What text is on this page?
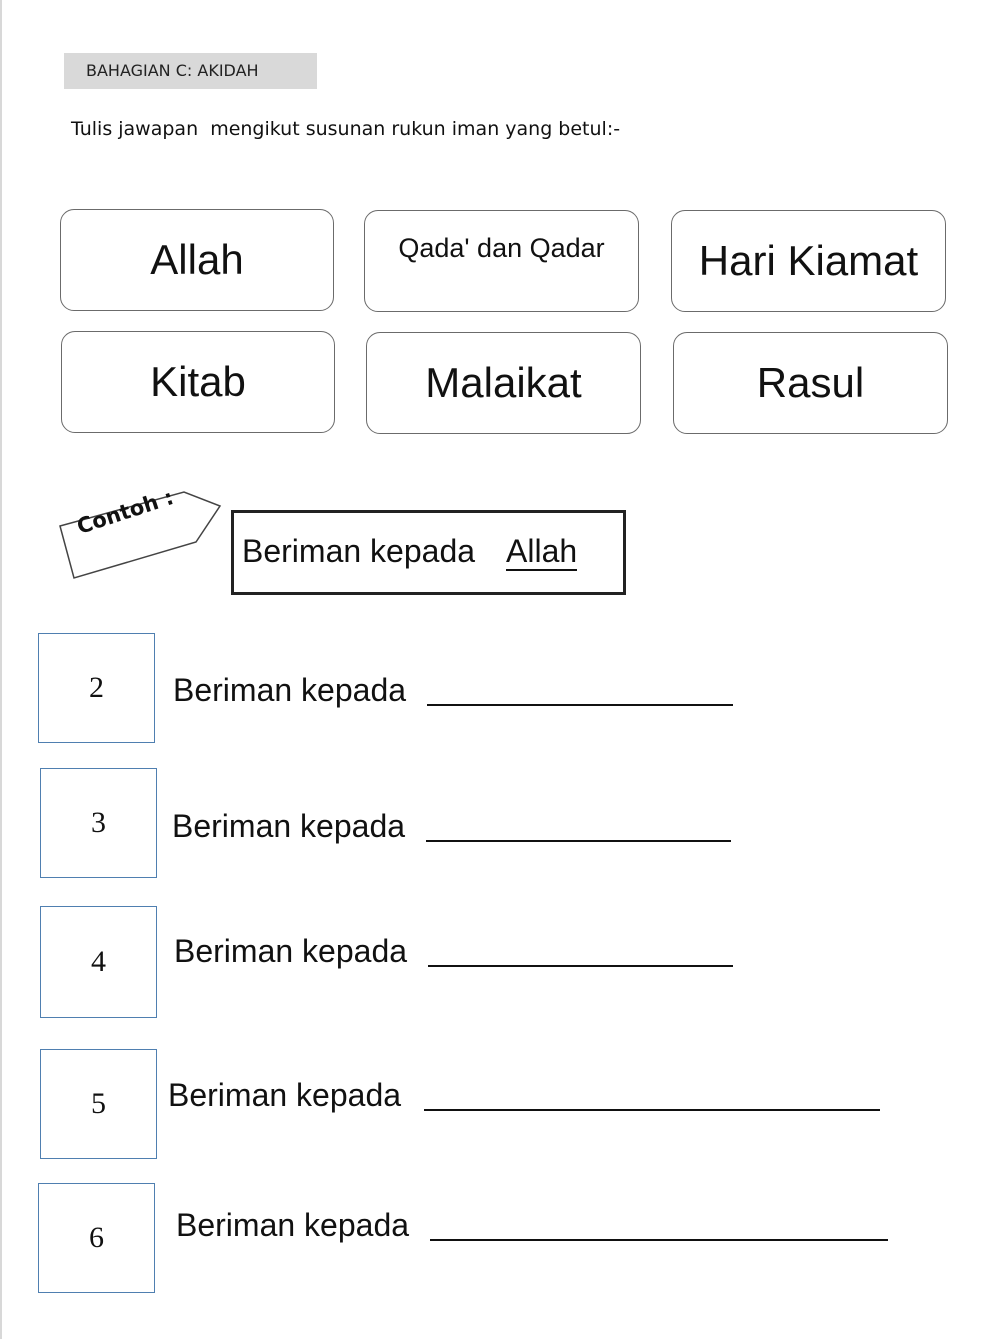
BAHAGIAN C: AKIDAH
Tulis jawapan  mengikut susunan rukun iman yang betul:-
Allah	Qada' dan Qadar	Hari Kiamat
Kitab	Malaikat	Rasul
Contoh :
Beriman kepada Allah
2	Beriman kepada
3	Beriman kepada
4	Beriman kepada
5	Beriman kepada
6	Beriman kepada
